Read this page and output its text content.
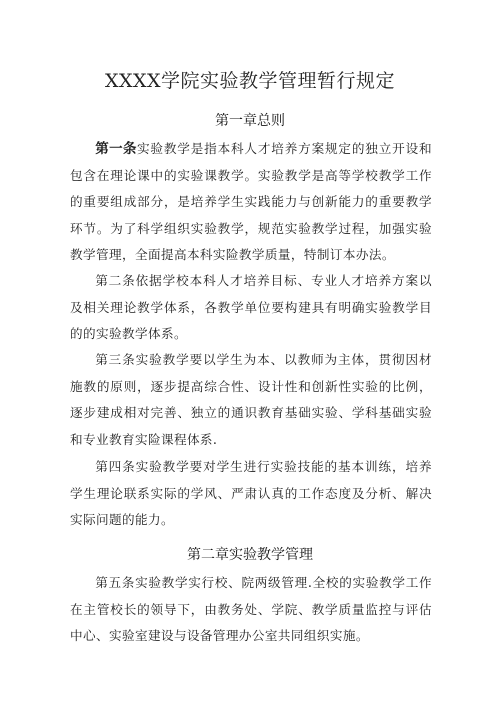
XXXX学院实验教学管理暂行规定
第一章总则
第一条实验教学是指本科人才培养方案规定的独立开设和包含在理论课中的实验课教学。实验教学是高等学校教学工作的重要组成部分，是培养学生实践能力与创新能力的重要教学环节。为了科学组织实验教学，规范实验教学过程，加强实验教学管理，全面提高本科实险教学质量，特制订本办法。
第二条依据学校本科人才培养目标、专业人才培养方案以及相关理论教学体系，各教学单位要构建具有明确实验教学目的的实验教学体系。
第三条实验教学要以学生为本、以教师为主体，贯彻因材施教的原则，逐步提高综合性、设计性和创新性实验的比例，逐步建成相对完善、独立的通识教育基础实验、学科基础实验和专业教育实险课程体系.
第四条实验教学要对学生进行实验技能的基本训练，培养学生理论联系实际的学风、严肃认真的工作态度及分析、解决实际问题的能力。
第二章实验教学管理
第五条实验教学实行校、院两级管理.全校的实验教学工作在主管校长的领导下，由教务处、学院、教学质量监控与评估中心、实验室建设与设备管理办公室共同组织实施。
